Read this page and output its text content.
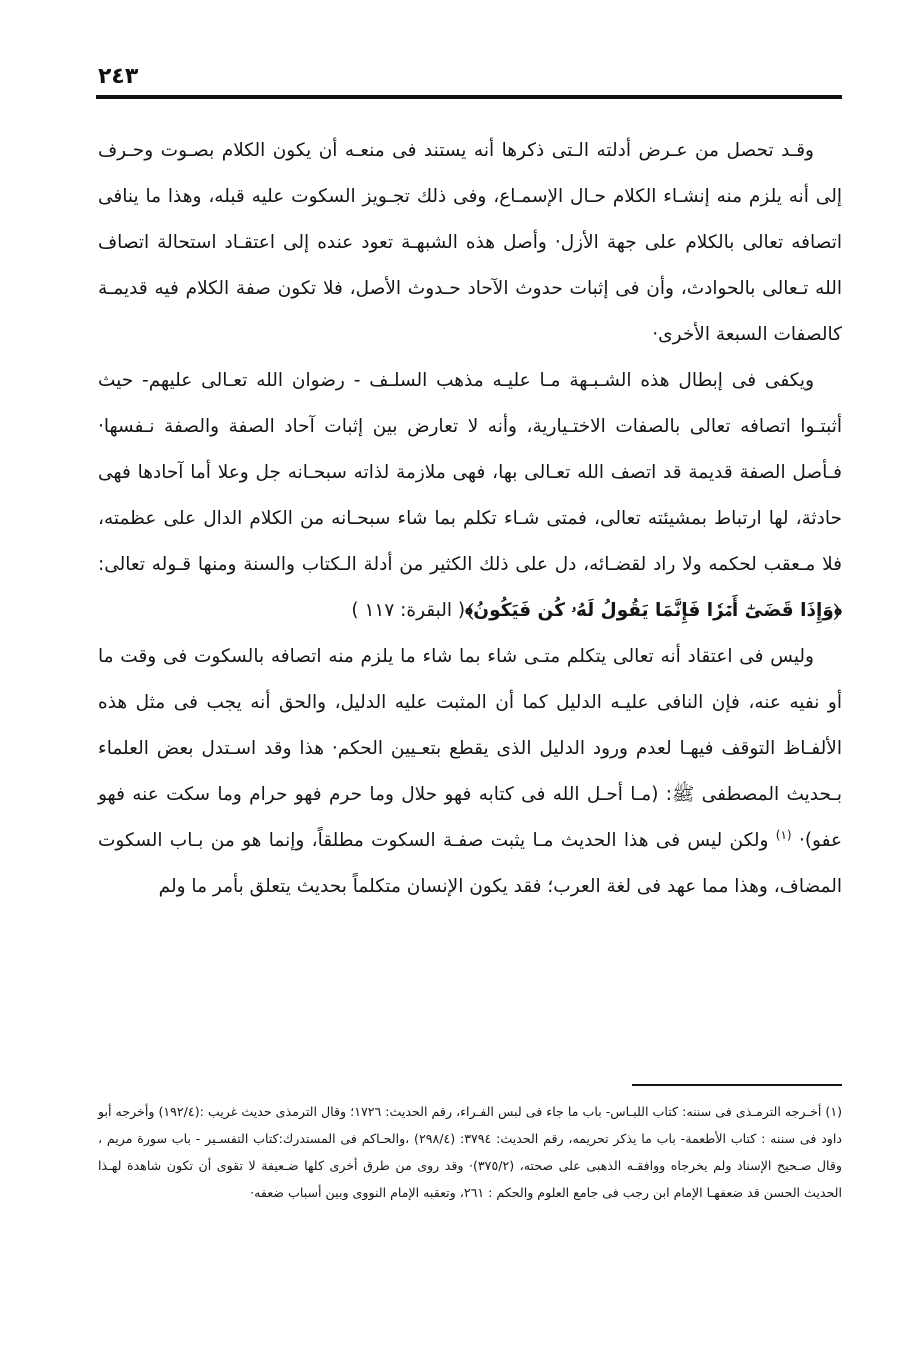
٢٤٣

وقـد تحصل من عـرض أدلته الـتى ذكرها أنه يستند فى منعـه أن يكون الكلام بصـوت وحـرف إلى أنه يلزم منه إنشـاء الكلام حـال الإسمـاع، وفى ذلك تجـويز السكوت عليه قبله، وهذا ما ينافى اتصافه تعالى بالكلام على جهة الأزل· وأصل هذه الشبهـة تعود عنده إلى اعتقـاد استحالة اتصاف الله تـعالى بالحوادث، وأن فى إثبات حدوث الآحاد حـدوث الأصل، فلا تكون صفة الكلام فيه قديمـة كالصفات السبعة الأخرى·

ويكفى فى إبطال هذه الشـبـهة مـا عليـه مذهب السلـف - رضوان الله تعـالى عليهم- حيث أثبتـوا اتصافه تعالى بالصفات الاختـيارية، وأنه لا تعارض بين إثبات آحاد الصفة والصفة نـفسها· فـأصل الصفة قديمة قد اتصف الله تعـالى بها، فهى ملازمة لذاته سبحـانه جل وعلا أما آحادها فهى حادثة، لها ارتباط بمشيئته تعالى، فمتى شـاء تكلم بما شاء سبحـانه من الكلام الدال على عظمته، فلا مـعقب لحكمه ولا راد لقضـائه، دل على ذلك الكثير من أدلة الـكتاب والسنة ومنها قـوله تعالى: ﴿وَإِذَا قَضَىٰٓ أَمۡرٗا فَإِنَّمَا يَقُولُ لَهُۥ كُن فَيَكُونُ﴾( البقرة: ١١٧ )

وليس فى اعتقاد أنه تعالى يتكلم متـى شاء بما شاء ما يلزم منه اتصافه بالسكوت فى وقت ما أو نفيه عنه، فإن النافى عليـه الدليل كما أن المثبت عليه الدليل، والحق أنه يجب فى مثل هذه الألفـاظ التوقف فيهـا لعدم ورود الدليل الذى يقطع بتعـيين الحكم· هذا وقد اسـتدل بعض العلماء بـحديث المصطفى ﷺ: (مـا أحـل الله فى كتابه فهو حلال وما حرم فهو حرام وما سكت عنه فهو عفو)· $^{(١)}$ ولكن ليس فى هذا الحديث مـا يثبت صفـة السكوت مطلقاً، وإنما هو من بـاب السكوت المضاف، وهذا مما عهد فى لغة العرب؛ فقد يكون الإنسان متكلماً بحديث يتعلق بأمر ما ولم

(١) أخـرجه الترمـذى فى سننه: كتاب اللبـاس- باب ما جاء فى لبس الفـراء، رقم الحديث: ١٧٢٦؛ وقال الترمذى حديث غريب :(١٩٢/٤) وأخرجه أبو داود فى سننه : كتاب الأطعمة- باب ما يذكر تحريمه، رقم الحديث: ٣٧٩٤: (٢٩٨/٤) ،والحـاكم فى المستدرك:كتاب التفسـير - باب سورة مريم ، وقال صـحيح الإسناد ولم يخرجاه ووافقـه الذهبى على صحته، (٣٧٥/٢)· وقد روى من طرق أخرى كلها ضـعيفة لا تقوى أن تكون شاهدة لهـذا الحديث الحسن قد ضعفهـا الإمام ابن رجب فى جامع العلوم والحكم : ٢٦١، وتعقبه الإمام النووى وبين أسباب ضعفه·
